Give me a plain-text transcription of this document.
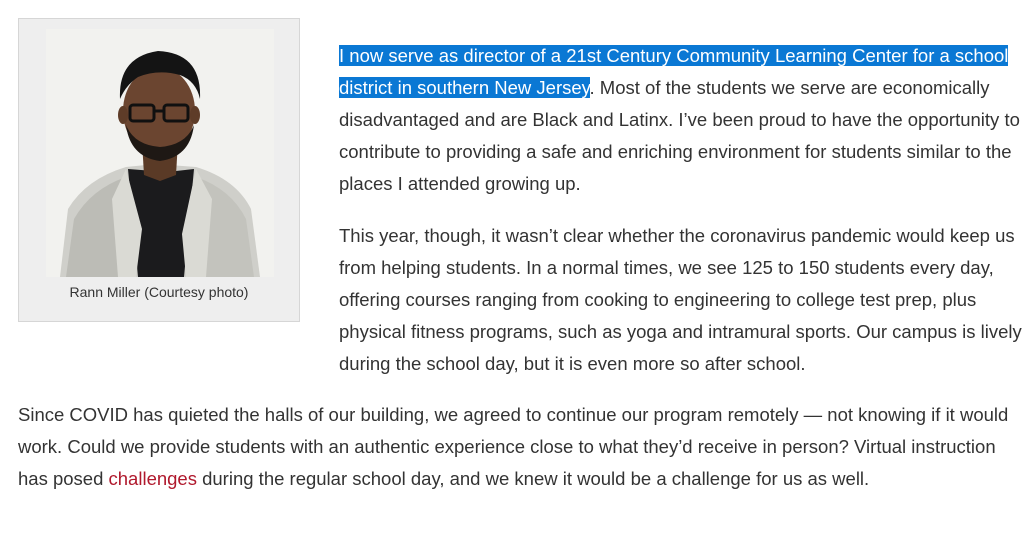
Rann Miller (Courtesy photo)

I now serve as director of a 21st Century Community Learning Center for a school district in southern New Jersey. Most of the students we serve are economically disadvantaged and are Black and Latinx. I’ve been proud to have the opportunity to contribute to providing a safe and enriching environment for students similar to the places I attended growing up.

This year, though, it wasn’t clear whether the coronavirus pandemic would keep us from helping students. In a normal times, we see 125 to 150 students every day, offering courses ranging from cooking to engineering to college test prep, plus physical fitness programs, such as yoga and intramural sports. Our campus is lively during the school day, but it is even more so after school.

Since COVID has quieted the halls of our building, we agreed to continue our program remotely — not knowing if it would work. Could we provide students with an authentic experience close to what they’d receive in person? Virtual instruction has posed challenges during the regular school day, and we knew it would be a challenge for us as well.
